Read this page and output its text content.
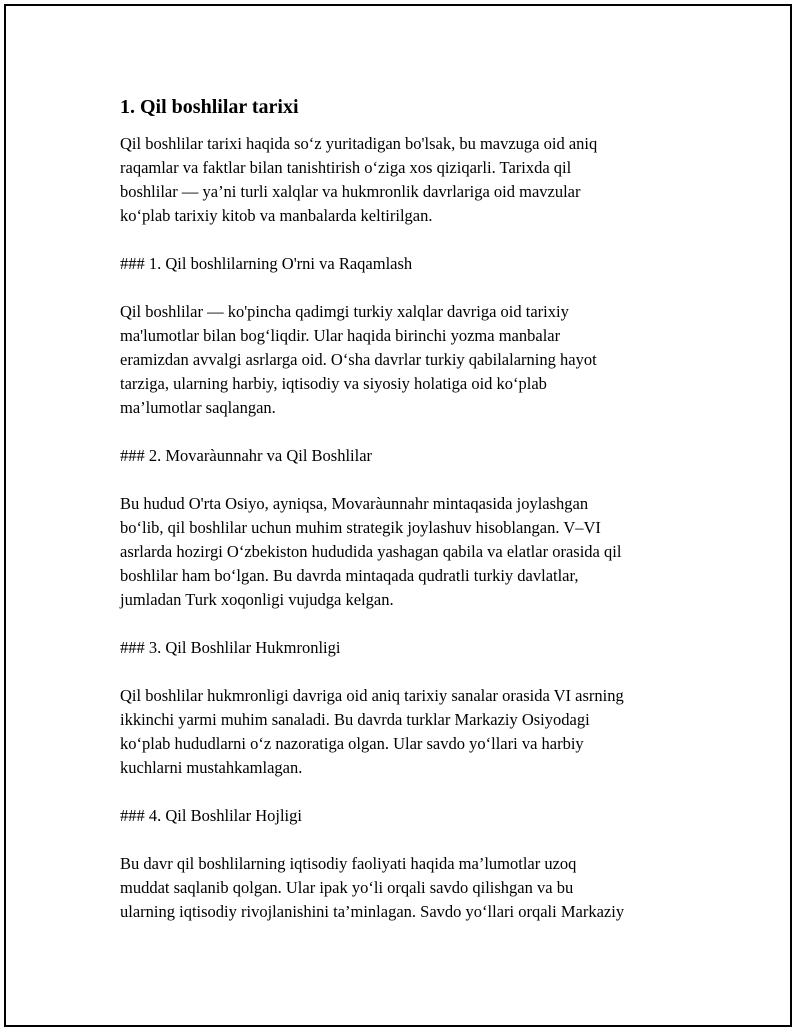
1. Qil boshlilar tarixi
Qil boshlilar tarixi haqida so‘z yuritadigan bo'lsak, bu mavzuga oid aniq
raqamlar va faktlar bilan tanishtirish o‘ziga xos qiziqarli. Tarixda qil
boshlilar — ya’ni turli xalqlar va hukmronlik davrlariga oid mavzular
ko‘plab tarixiy kitob va manbalarda keltirilgan.
### 1. Qil boshlilarning O'rni va Raqamlash
Qil boshlilar — ko'pincha qadimgi turkiy xalqlar davriga oid tarixiy
ma'lumotlar bilan bog‘liqdir. Ular haqida birinchi yozma manbalar
eramizdan avvalgi asrlarga oid. O‘sha davrlar turkiy qabilalarning hayot
tarziga, ularning harbiy, iqtisodiy va siyosiy holatiga oid ko‘plab
ma’lumotlar saqlangan.
### 2. Movaràunnahr va Qil Boshlilar
Bu hudud O'rta Osiyo, ayniqsa, Movaràunnahr mintaqasida joylashgan
bo‘lib, qil boshlilar uchun muhim strategik joylashuv hisoblangan. V–VI
asrlarda hozirgi O‘zbekiston hududida yashagan qabila va elatlar orasida qil
boshlilar ham bo‘lgan. Bu davrda mintaqada qudratli turkiy davlatlar,
jumladan Turk xoqonligi vujudga kelgan.
### 3. Qil Boshlilar Hukmronligi
Qil boshlilar hukmronligi davriga oid aniq tarixiy sanalar orasida VI asrning
ikkinchi yarmi muhim sanaladi. Bu davrda turklar Markaziy Osiyodagi
ko‘plab hududlarni o‘z nazoratiga olgan. Ular savdo yo‘llari va harbiy
kuchlarni mustahkamlagan.
### 4. Qil Boshlilar Hojligi
Bu davr qil boshlilarning iqtisodiy faoliyati haqida ma’lumotlar uzoq
muddat saqlanib qolgan. Ular ipak yo‘li orqali savdo qilishgan va bu
ularning iqtisodiy rivojlanishini ta’minlagan. Savdo yo‘llari orqali Markaziy
